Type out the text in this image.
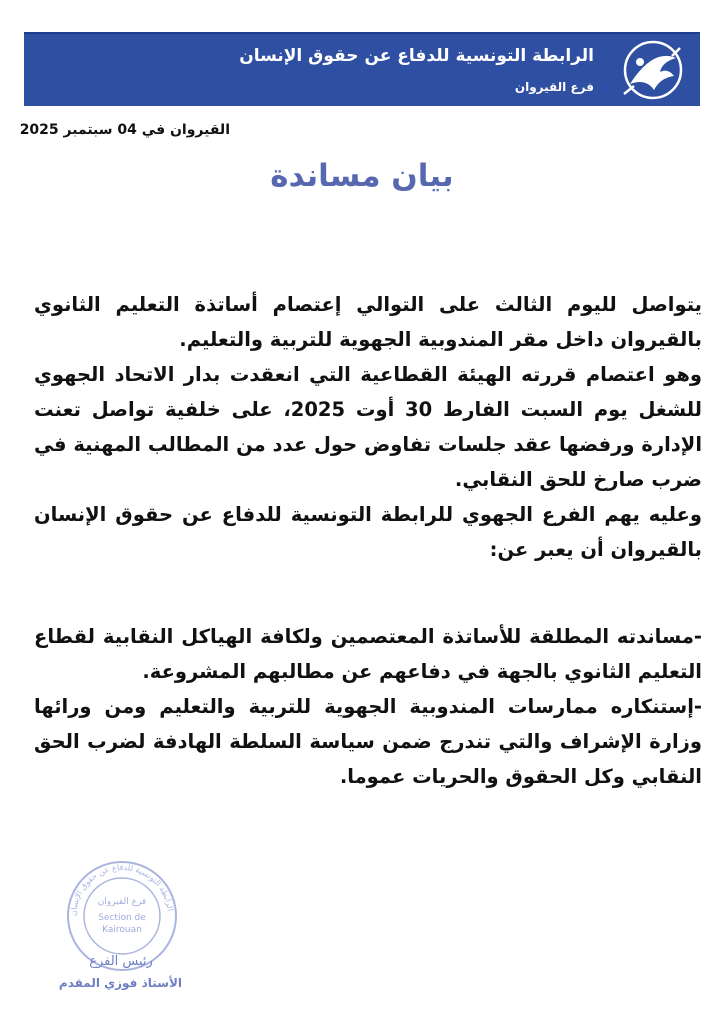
الرابطة التونسية للدفاع عن حقوق الإنسان
فرع القيروان
القيروان في 04 سبتمبر 2025
بيان مساندة

يتواصل لليوم الثالث على التوالي إعتصام أساتذة التعليم الثانوي بالقيروان داخل مقر المندوبية الجهوية للتربية والتعليم.

وهو اعتصام قررته الهيئة القطاعية التي انعقدت بدار الاتحاد الجهوي للشغل يوم السبت الفارط 30 أوت 2025، على خلفية تواصل تعنت الإدارة ورفضها عقد جلسات تفاوض حول عدد من المطالب المهنية في ضرب صارخ للحق النقابي.

وعليه يهم الفرع الجهوي للرابطة التونسية للدفاع عن حقوق الإنسان بالقيروان أن يعبر عن:

-مساندته المطلقة للأساتذة المعتصمين ولكافة الهياكل النقابية لقطاع التعليم الثانوي بالجهة في دفاعهم عن مطالبهم المشروعة.

-إستنكاره ممارسات المندوبية الجهوية للتربية والتعليم ومن ورائها وزارة الإشراف والتي تندرج ضمن سياسة السلطة الهادفة لضرب الحق النقابي وكل الحقوق والحريات عموما.

الرابطة التونسية للدفاع عن حقوق الإنسان
فرع القيروان
Section de Kairouan
رئيس الفرع
الأستاذ فوزي المقدم
